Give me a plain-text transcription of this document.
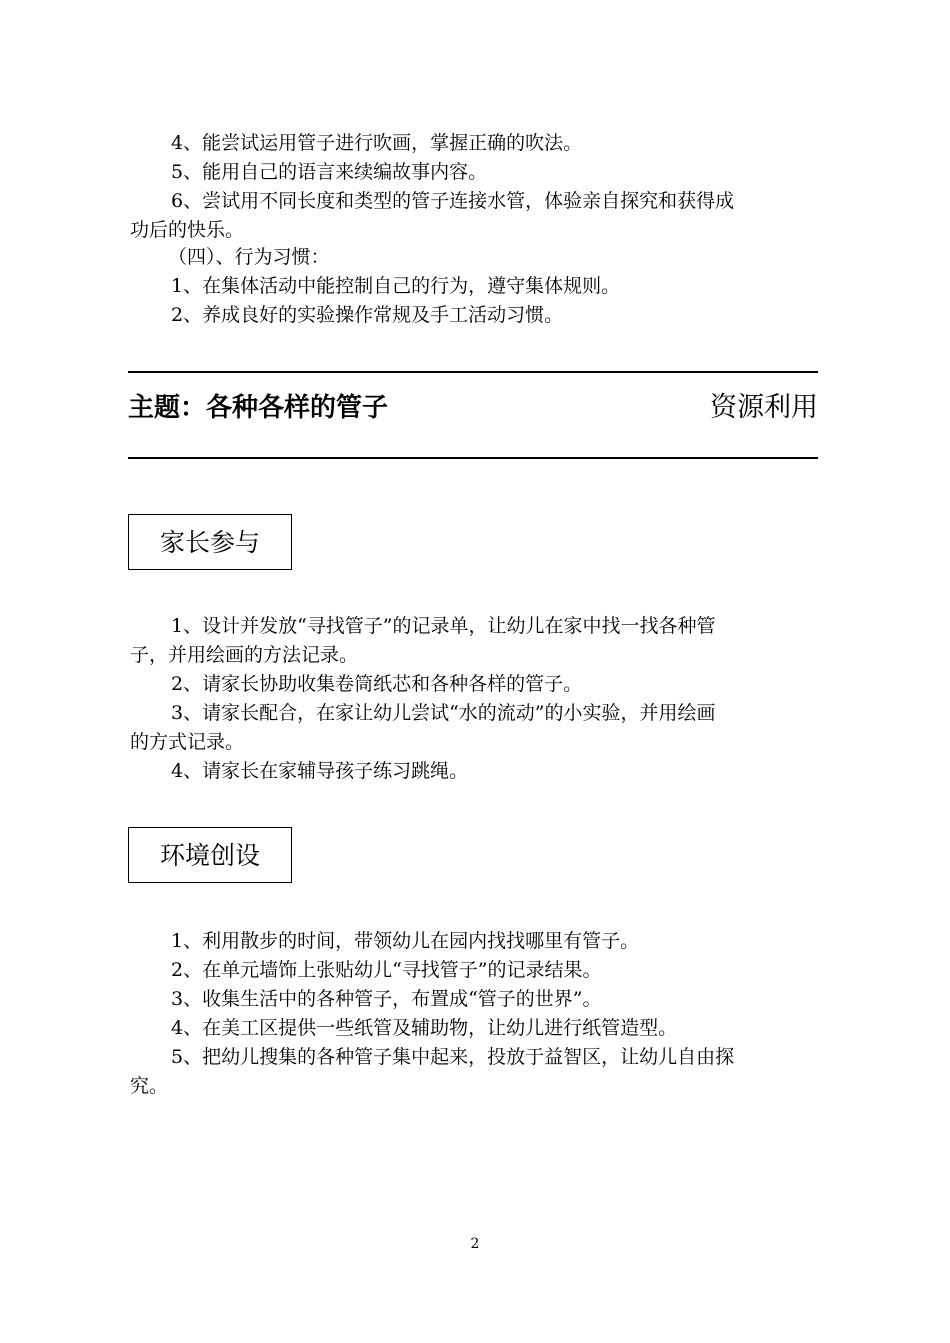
4、能尝试运用管子进行吹画，掌握正确的吹法。
5、能用自己的语言来续编故事内容。
6、尝试用不同长度和类型的管子连接水管，体验亲自探究和获得成
功后的快乐。
（四）、行为习惯：
1、在集体活动中能控制自己的行为，遵守集体规则。
2、养成良好的实验操作常规及手工活动习惯。
主题：各种各样的管子	资源利用
家长参与
1、设计并发放“寻找管子”的记录单，让幼儿在家中找一找各种管
子，并用绘画的方法记录。
2、请家长协助收集卷筒纸芯和各种各样的管子。
3、请家长配合，在家让幼儿尝试“水的流动”的小实验，并用绘画
的方式记录。
4、请家长在家辅导孩子练习跳绳。
环境创设
1、利用散步的时间，带领幼儿在园内找找哪里有管子。
2、在单元墙饰上张贴幼儿“寻找管子”的记录结果。
3、收集生活中的各种管子，布置成“管子的世界”。
4、在美工区提供一些纸管及辅助物，让幼儿进行纸管造型。
5、把幼儿搜集的各种管子集中起来，投放于益智区，让幼儿自由探
究。
2
